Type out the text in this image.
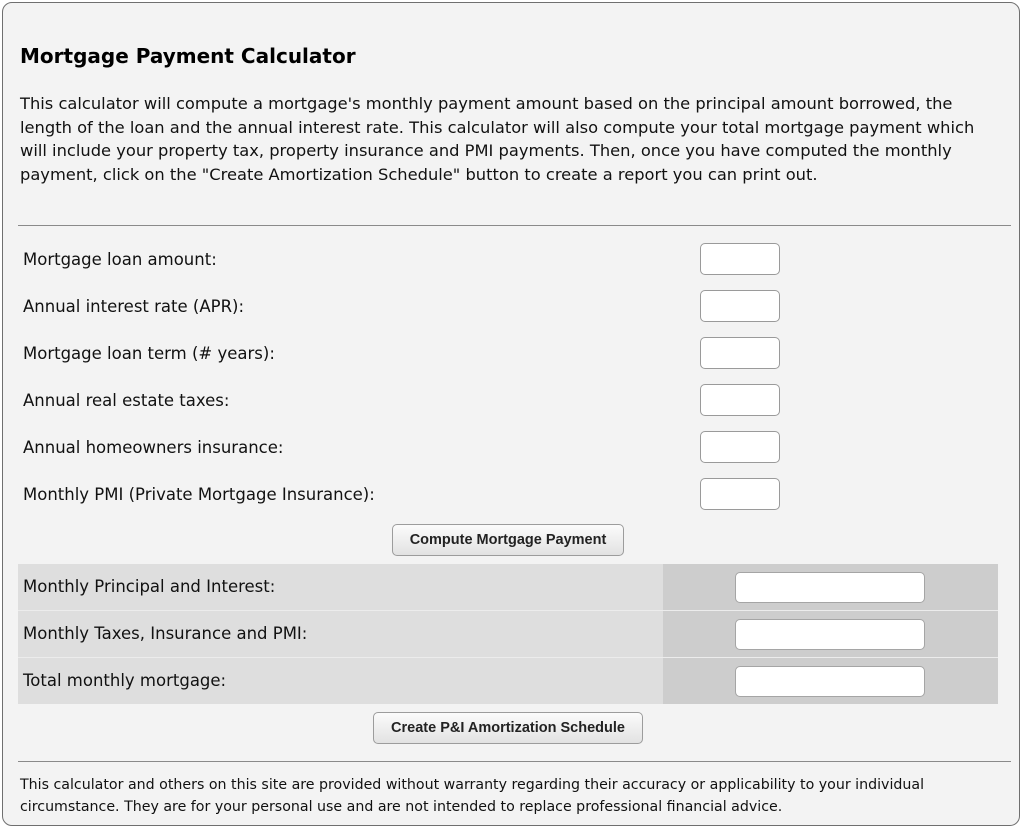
Mortgage Payment Calculator

This calculator will compute a mortgage's monthly payment amount based on the principal amount borrowed, the length of the loan and the annual interest rate. This calculator will also compute your total mortgage payment which will include your property tax, property insurance and PMI payments. Then, once you have computed the monthly payment, click on the "Create Amortization Schedule" button to create a report you can print out.

Mortgage loan amount:
Annual interest rate (APR):
Mortgage loan term (# years):
Annual real estate taxes:
Annual homeowners insurance:
Monthly PMI (Private Mortgage Insurance):
Compute Mortgage Payment
Monthly Principal and Interest:
Monthly Taxes, Insurance and PMI:
Total monthly mortgage:
Create P&I Amortization Schedule

This calculator and others on this site are provided without warranty regarding their accuracy or applicability to your individual circumstance. They are for your personal use and are not intended to replace professional financial advice.
